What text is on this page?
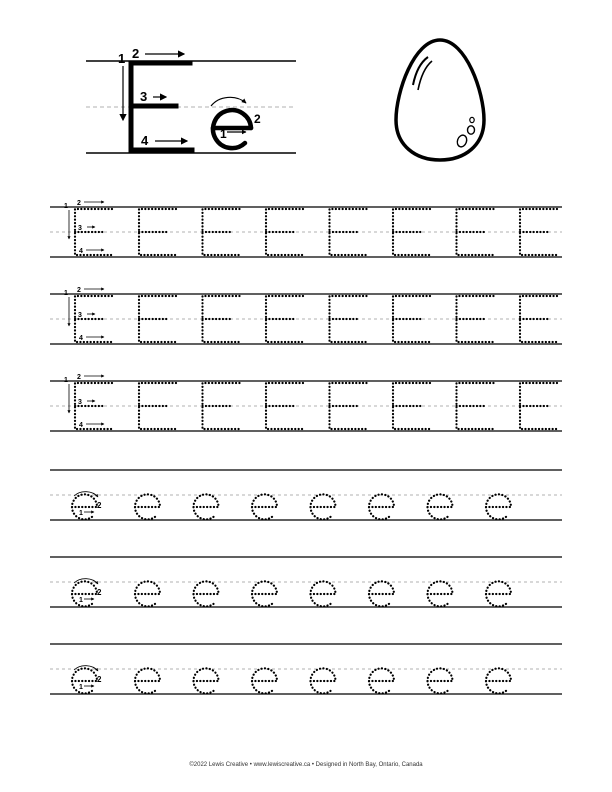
1 2
3
4	1
2
1 2
3
4
1 2
3
4
1 2
3
4
1
2
1
2
1
2
©2022 Lewis Creative • www.lewiscreative.ca • Designed in North Bay, Ontario, Canada
